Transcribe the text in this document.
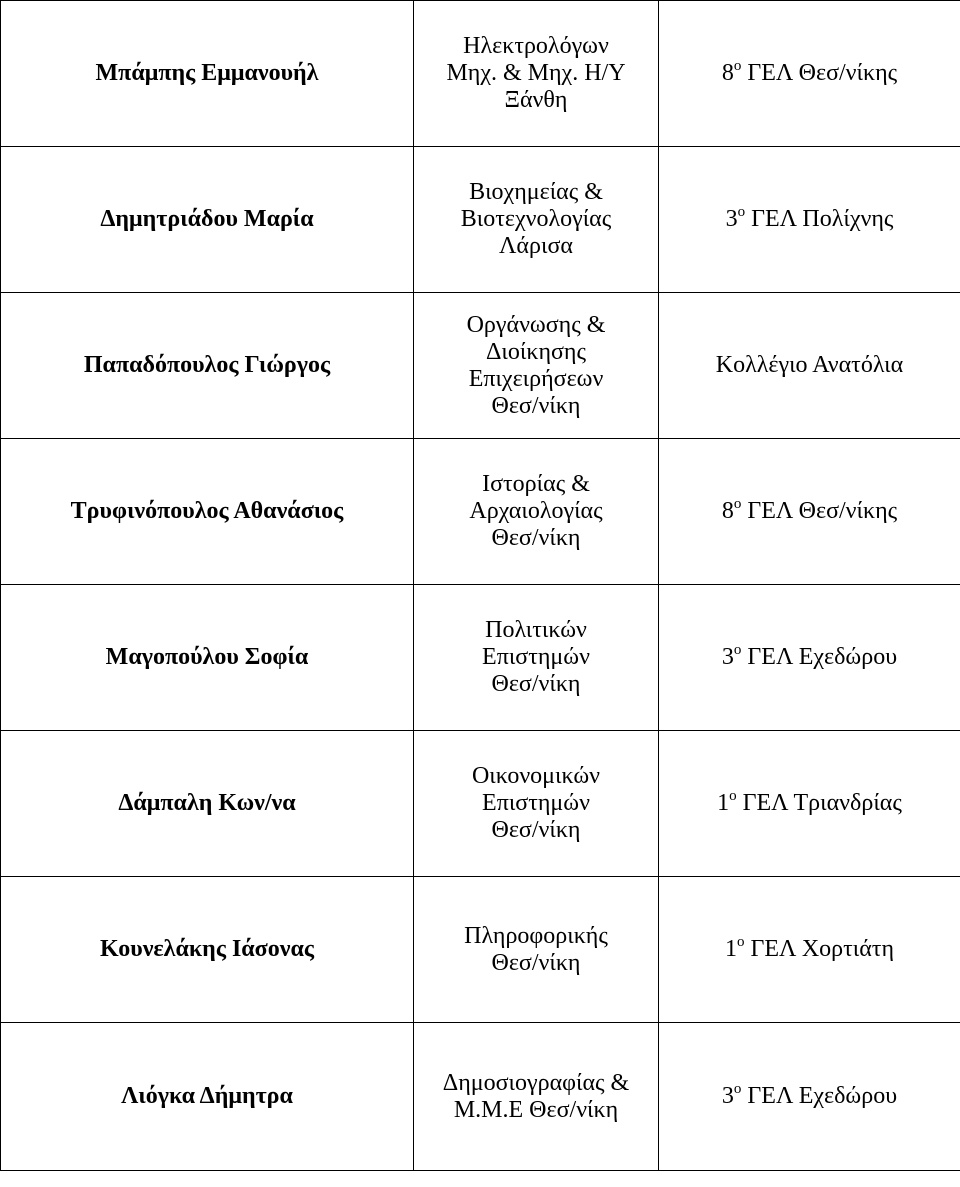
Μπάμπης Εμμανουήλ	Ηλεκτρολόγων
Μηχ. & Μηχ. Η/Υ
Ξάνθη	$8^o$ ΓΕΛ Θεσ/νίκης
Δημητριάδου Μαρία	Βιοχημείας &
Βιοτεχνολογίας
Λάρισα	$3^o$ ΓΕΛ Πολίχνης
Παπαδόπουλος Γιώργος	Οργάνωσης &
Διοίκησης
Επιχειρήσεων
Θεσ/νίκη	Κολλέγιο Ανατόλια
Τρυφινόπουλος Αθανάσιος	Ιστορίας &
Αρχαιολογίας
Θεσ/νίκη	$8^o$ ΓΕΛ Θεσ/νίκης
Μαγοπούλου Σοφία	Πολιτικών
Επιστημών
Θεσ/νίκη	$3^o$ ΓΕΛ Εχεδώρου
Δάμπαλη Κων/να	Οικονομικών
Επιστημών
Θεσ/νίκη	$1^o$ ΓΕΛ Τριανδρίας
Κουνελάκης Ιάσονας	Πληροφορικής
Θεσ/νίκη	$1^o$ ΓΕΛ Χορτιάτη
Λιόγκα Δήμητρα	Δημοσιογραφίας &
Μ.Μ.Ε Θεσ/νίκη	$3^o$ ΓΕΛ Εχεδώρου
